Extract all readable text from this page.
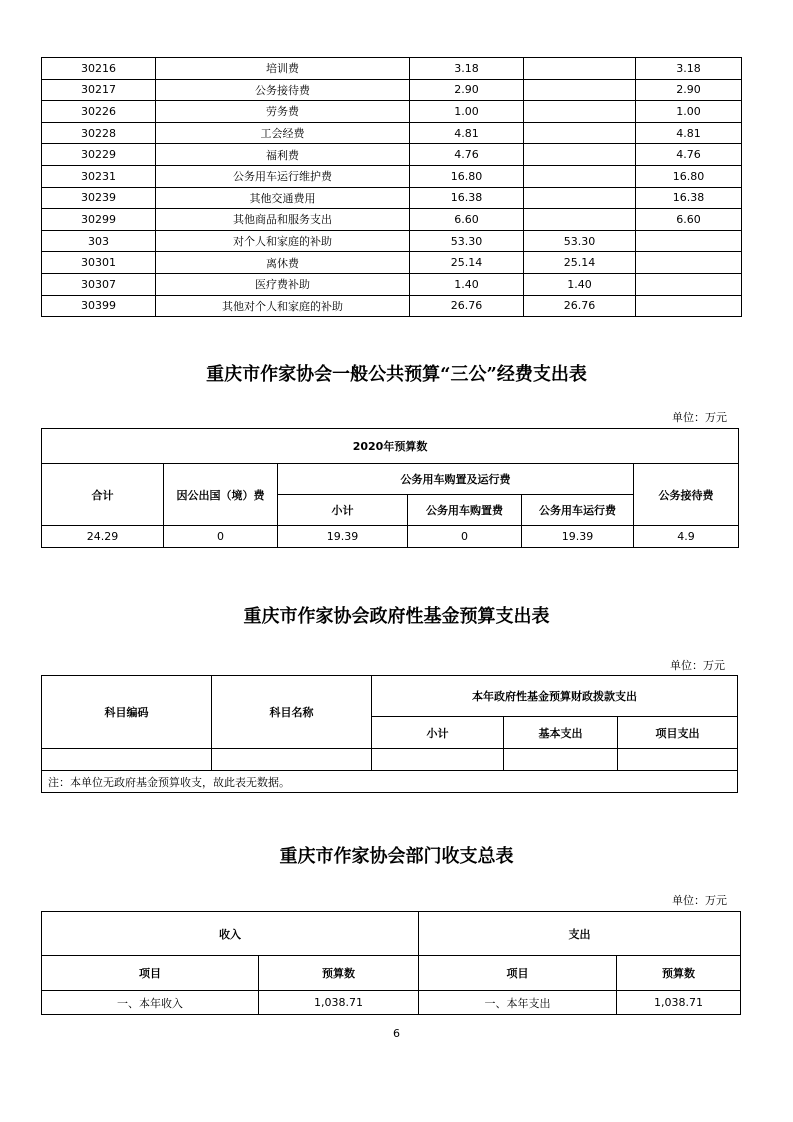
30216	培训费	3.18		3.18
30217	公务接待费	2.90		2.90
30226	劳务费	1.00		1.00
30228	工会经费	4.81		4.81
30229	福利费	4.76		4.76
30231	公务用车运行维护费	16.80		16.80
30239	其他交通费用	16.38		16.38
30299	其他商品和服务支出	6.60		6.60
303	对个人和家庭的补助	53.30	53.30	
30301	离休费	25.14	25.14	
30307	医疗费补助	1.40	1.40	
30399	其他对个人和家庭的补助	26.76	26.76	
重庆市作家协会一般公共预算“三公”经费支出表
单位：万元
2020年预算数					
合计	因公出国（境）费	公务用车购置及运行费			公务接待费
		小计	公务用车购置费	公务用车运行费	
24.29	0	19.39	0	19.39	4.9
重庆市作家协会政府性基金预算支出表
单位：万元
科目编码	科目名称	本年政府性基金预算财政拨款支出		
		小计	基本支出	项目支出

注：本单位无政府基金预算收支，故此表无数据。				
重庆市作家协会部门收支总表
单位：万元
收入		支出	
项目	预算数	项目	预算数
一、本年收入	1,038.71	一、本年支出	1,038.71
6
